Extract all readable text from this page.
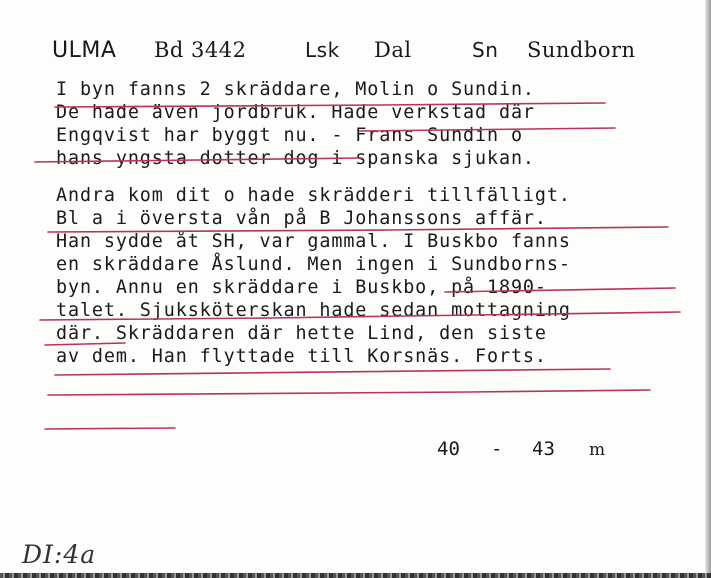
ULMA Bd 3442	Lsk Dal	Sn Sundborn
I byn fanns 2 skräddare, Molin o Sundin.
De hade även jordbruk. Hade verkstad där
Engqvist har byggt nu. - Frans Sundin o
hans yngsta dotter dog i spanska sjukan.
Andra kom dit o hade skrädderi tillfälligt.
Bl a i översta vån på B Johanssons affär.
Han sydde åt SH, var gammal. I Buskbo fanns
en skräddare Åslund. Men ingen i Sundborns-
byn. Annu en skräddare i Buskbo, på 1890-
talet. Sjuksköterskan hade sedan mottagning
där. Skräddaren där hette Lind, den siste
av dem. Han flyttade till Korsnäs. Forts.
40 - 43 m
DI:4a
